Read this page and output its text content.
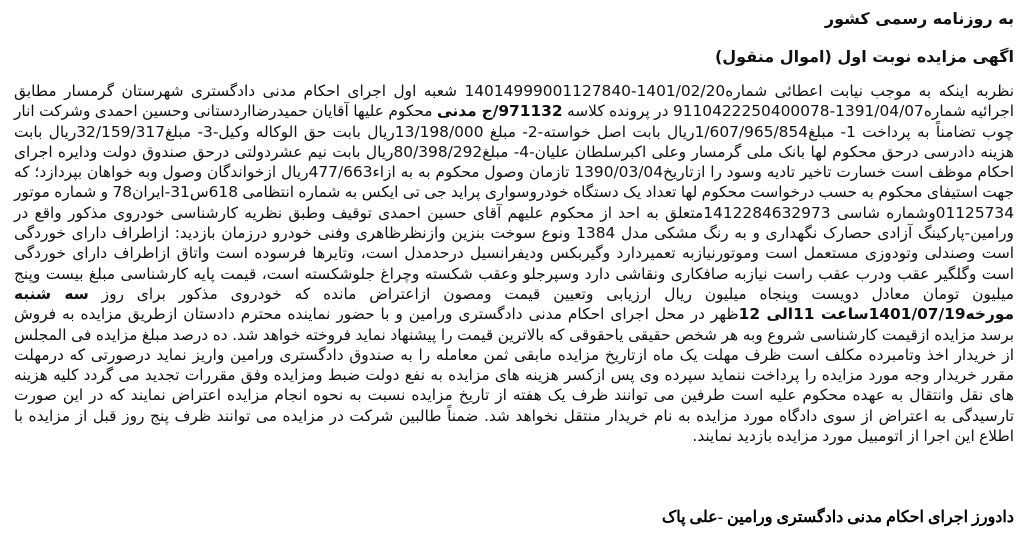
به روزنامه رسمی کشور

اگهی مزایده نوبت اول (اموال منقول)

نظربه اینکه به موجب نیابت اعطائی شماره1401/02/20-14014999001127840 شعبه اول اجرای احکام مدنی دادگستری شهرستان گرمسار مطابق اجرائیه شماره1391/04/07-9110422250400078 در پرونده کلاسه 971132/ج مدنی محکوم علیها آقایان حمیدرضااردستانی وحسین احمدی وشرکت انار چوب تضامناً به پرداخت 1- مبلغ1/607/965/854ریال بابت اصل خواسته-2- مبلغ 13/198/000ریال بابت حق الوکاله وکیل-3- مبلغ32/159/317ریال بابت هزینه دادرسی درحق محکوم لها بانک ملی گرمسار وعلی اکبرسلطان علیان-4- مبلغ80/398/292ریال بابت نیم عشردولتی درحق صندوق دولت ودایره اجرای احکام موظف است خسارت تاخیر تادیه وسود را ازتاریخ1390/03/04 تازمان وصول محکوم به به ازاء477/663ریال ازخواندگان وصول وبه خواهان بپردازد؛ که جهت استیفای محکوم به حسب درخواست محکوم لها تعداد یک دستگاه خودروسواری پراید جی تی ایکس به شماره انتظامی 618س31-ایران78 و شماره موتور 01125734وشماره شاسی 1412284632973متعلق به احد از محکوم علیهم آقای حسین احمدی توقیف وطبق نظریه کارشناسی خودروی مذکور واقع در ورامین-پارکینگ آزادی حصارک نگهداری و به رنگ مشکی مدل 1384 ونوع سوخت بنزین وازنظرظاهری وفنی خودرو درزمان بازدید: ازاطراف دارای خوردگی است وصندلی وتودوزی مستعمل است وموتورنیازبه تعمیردارد وگیربکس ودیفرانسیل درحدمدل است، وتایرها فرسوده است واتاق ازاطراف دارای خوردگی است وگلگیر عقب ودرب عقب راست نیازبه صافکاری ونقاشی دارد وسپرجلو وعقب شکسته وچراغ جلوشکسته است، قیمت پایه کارشناسی مبلغ بیست وپنج میلیون تومان معادل دویست وپنجاه میلیون ریال ارزیابی وتعیین قیمت ومصون ازاعتراض مانده که خودروی مذکور برای روز سه شنبه مورخه1401/07/19ساعت 11الی 12ظهر در محل اجرای احکام مدنی دادگستری ورامین و با حضور نماینده محترم دادستان ازطریق مزایده به فروش برسد مزایده ازقیمت کارشناسی شروع وبه هر شخص حقیقی یاحقوقی که بالاترین قیمت را پیشنهاد نماید فروخته خواهد شد. ده درصد مبلغ مزایده فی المجلس از خریدار اخذ وتامبرده مکلف است ظرف مهلت یک ماه ازتاریخ مزایده مابقی ثمن معامله را به صندوق دادگستری ورامین واریز نماید درصورتی که درمهلت مقرر خریدار وجه مورد مزایده را پرداخت ننماید سپرده وی پس ازکسر هزینه های مزایده به نفع دولت ضبط ومزایده وفق مقررات تجدید می گردد کلیه هزینه های نقل وانتقال به عهده محکوم علیه است طرفین می توانند ظرف یک هفته از تاریخ مزایده نسبت به نحوه انجام مزایده اعتراض نمایند که در این صورت تارسیدگی به اعتراض از سوی دادگاه مورد مزایده به نام خریدار منتقل نخواهد شد. ضمناً طالبین شرکت در مزایده می توانند ظرف پنج روز قبل از مزایده با اطلاع این اجرا از اتومبیل مورد مزایده بازدید نمایند.

دادورز اجرای احکام مدنی دادگستری ورامین -علی پاک
